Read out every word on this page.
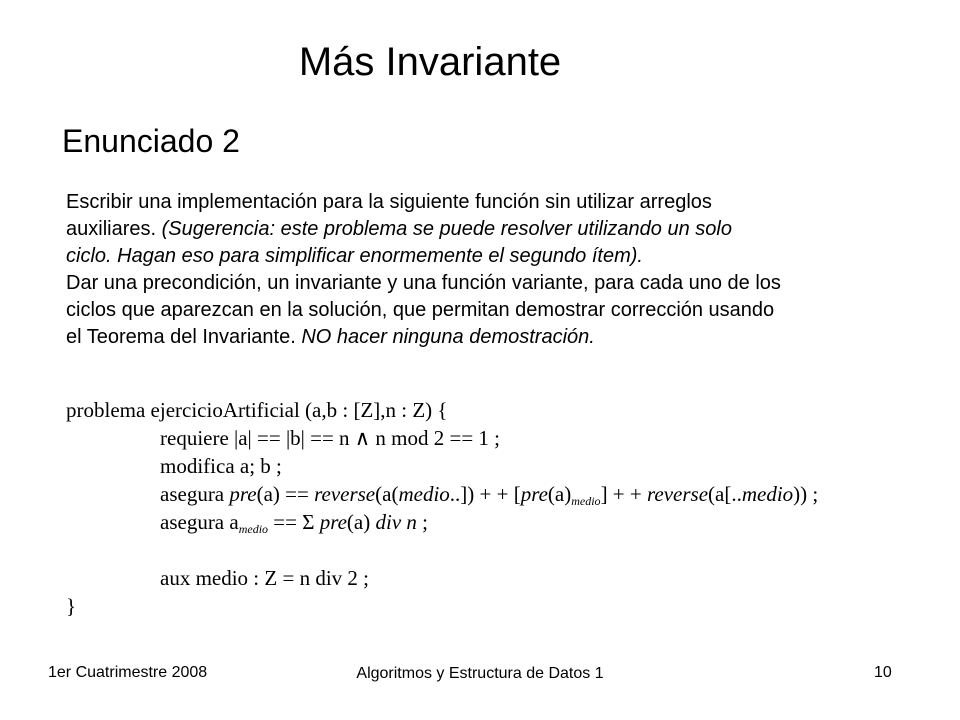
Más Invariante
Enunciado 2
Escribir una implementación para la siguiente función sin utilizar arreglos
auxiliares. (Sugerencia: este problema se puede resolver utilizando un solo
ciclo. Hagan eso para simplificar enormemente el segundo ítem).
Dar una precondición, un invariante y una función variante, para cada uno de los
ciclos que aparezcan en la solución, que permitan demostrar corrección usando
el Teorema del Invariante. NO hacer ninguna demostración.
problema ejercicioArtificial (a,b : [Z],n : Z) {
requiere |a| == |b| == n ∧ n mod 2 == 1 ;
modifica a; b ;
asegura pre(a) == reverse(a(medio..]) + + $[pre(a)_{medio}]$ + + reverse(a[..medio)) ;
asegura $a_{medio} == \Sigma$ pre(a) div n ;
aux medio : Z = n div 2 ;
}
1er Cuatrimestre 2008	Algoritmos y Estructura de Datos 1	10
